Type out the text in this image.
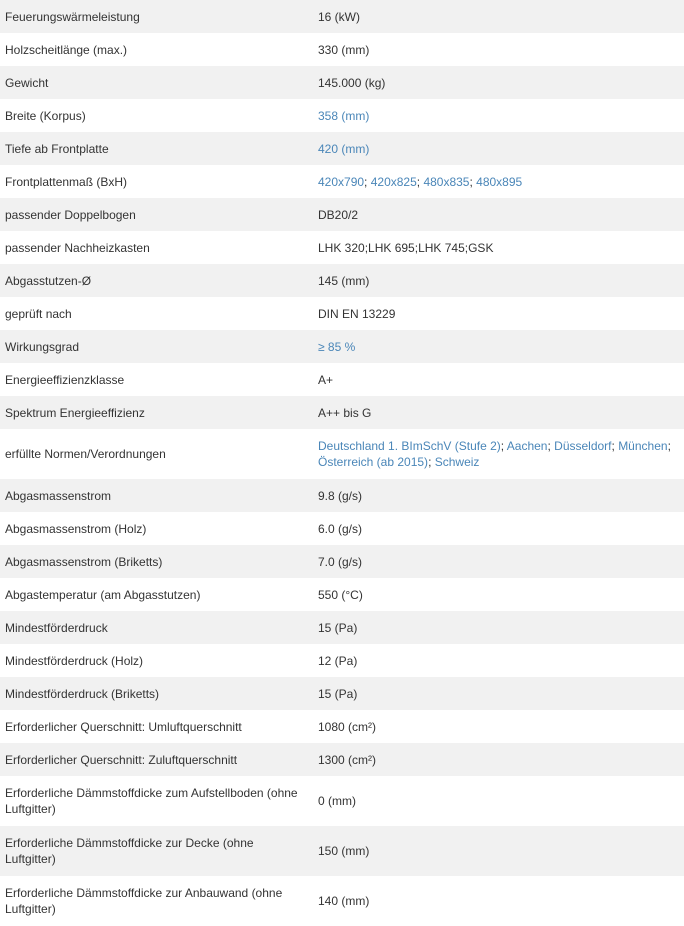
Feuerungswärmeleistung	16 (kW)
Holzscheitlänge (max.)	330 (mm)
Gewicht	145.000 (kg)
Breite (Korpus)	358 (mm)
Tiefe ab Frontplatte	420 (mm)
Frontplattenmaß (BxH)	420x790; 420x825; 480x835; 480x895
passender Doppelbogen	DB20/2
passender Nachheizkasten	LHK 320;LHK 695;LHK 745;GSK
Abgasstutzen-Ø	145 (mm)
geprüft nach	DIN EN 13229
Wirkungsgrad	≥ 85 %
Energieeffizienzklasse	A+
Spektrum Energieeffizienz	A++ bis G
erfüllte Normen/Verordnungen	Deutschland 1. BImSchV (Stufe 2); Aachen; Düsseldorf; München; Österreich (ab 2015); Schweiz
Abgasmassenstrom	9.8 (g/s)
Abgasmassenstrom (Holz)	6.0 (g/s)
Abgasmassenstrom (Briketts)	7.0 (g/s)
Abgastemperatur (am Abgasstutzen)	550 (°C)
Mindestförderdruck	15 (Pa)
Mindestförderdruck (Holz)	12 (Pa)
Mindestförderdruck (Briketts)	15 (Pa)
Erforderlicher Querschnitt: Umluftquerschnitt	1080 (cm²)
Erforderlicher Querschnitt: Zuluftquerschnitt	1300 (cm²)
Erforderliche Dämmstoffdicke zum Aufstellboden (ohne Luftgitter)	0 (mm)
Erforderliche Dämmstoffdicke zur Decke (ohne Luftgitter)	150 (mm)
Erforderliche Dämmstoffdicke zur Anbauwand (ohne Luftgitter)	140 (mm)
